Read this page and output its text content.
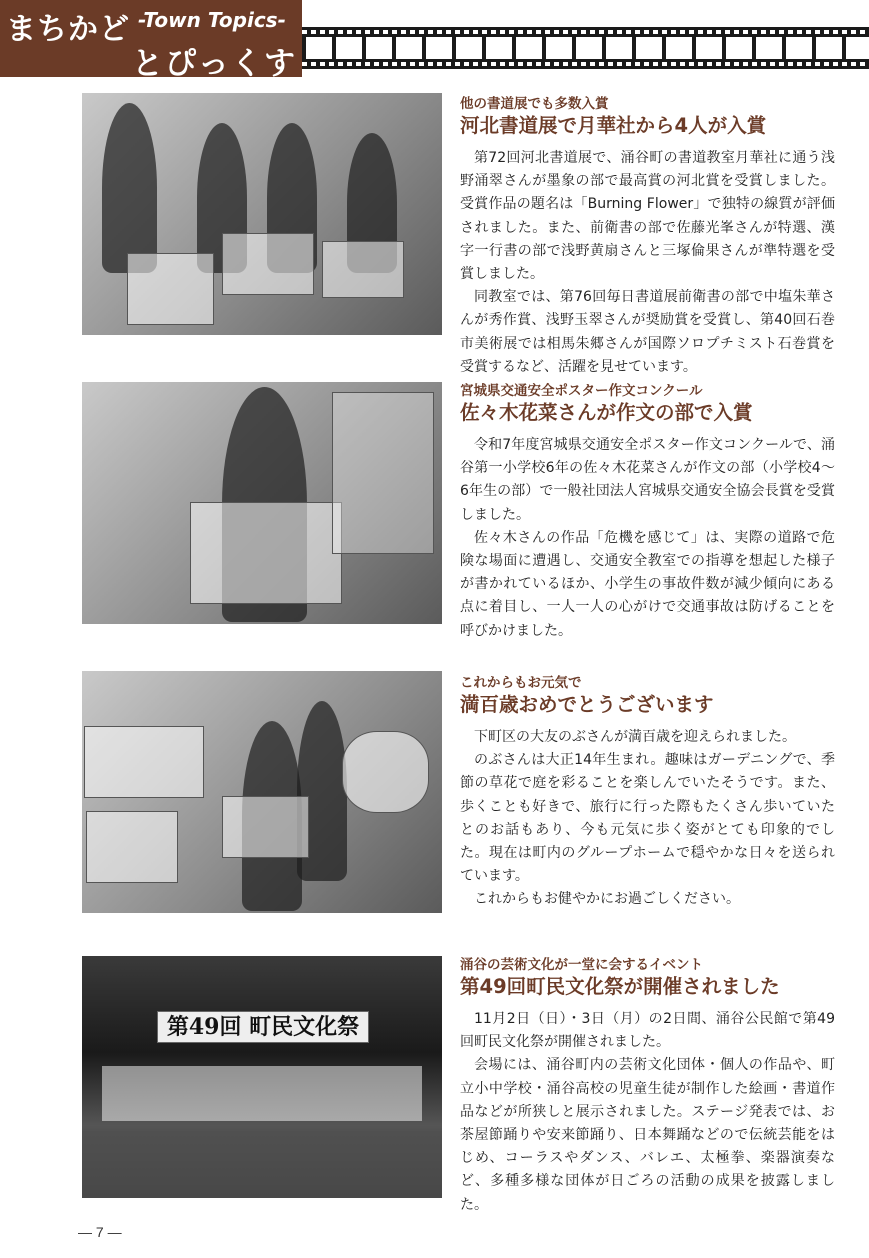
まちかど -Town Topics-
とぴっくす
他の書道展でも多数入賞
河北書道展で月華社から4人が入賞

第72回河北書道展で、涌谷町の書道教室月華社に通う浅野涌翠さんが墨象の部で最高賞の河北賞を受賞しました。受賞作品の題名は「Burning Flower」で独特の線質が評価されました。また、前衛書の部で佐藤光峯さんが特選、漢字一行書の部で浅野黄扇さんと三塚倫果さんが準特選を受賞しました。

同教室では、第76回毎日書道展前衛書の部で中塩朱華さんが秀作賞、浅野玉翠さんが奨励賞を受賞し、第40回石巻市美術展では相馬朱郷さんが国際ソロプチミスト石巻賞を受賞するなど、活躍を見せています。

宮城県交通安全ポスター作文コンクール
佐々木花菜さんが作文の部で入賞

令和7年度宮城県交通安全ポスター作文コンクールで、涌谷第一小学校6年の佐々木花菜さんが作文の部（小学校4〜6年生の部）で一般社団法人宮城県交通安全協会長賞を受賞しました。

佐々木さんの作品「危機を感じて」は、実際の道路で危険な場面に遭遇し、交通安全教室での指導を想起した様子が書かれているほか、小学生の事故件数が減少傾向にある点に着目し、一人一人の心がけで交通事故は防げることを呼びかけました。

これからもお元気で
満百歳おめでとうございます

下町区の大友のぶさんが満百歳を迎えられました。

のぶさんは大正14年生まれ。趣味はガーデニングで、季節の草花で庭を彩ることを楽しんでいたそうです。また、歩くことも好きで、旅行に行った際もたくさん歩いていたとのお話もあり、今も元気に歩く姿がとても印象的でした。現在は町内のグループホームで穏やかな日々を送られています。

これからもお健やかにお過ごしください。

第49回 町民文化祭
涌谷の芸術文化が一堂に会するイベント
第49回町民文化祭が開催されました

11月2日（日）・3日（月）の2日間、涌谷公民館で第49回町民文化祭が開催されました。

会場には、涌谷町内の芸術文化団体・個人の作品や、町立小中学校・涌谷高校の児童生徒が制作した絵画・書道作品などが所狭しと展示されました。ステージ発表では、お茶屋節踊りや安来節踊り、日本舞踊などので伝統芸能をはじめ、コーラスやダンス、バレエ、太極拳、楽器演奏など、多種多様な団体が日ごろの活動の成果を披露しました。

— 7 —
